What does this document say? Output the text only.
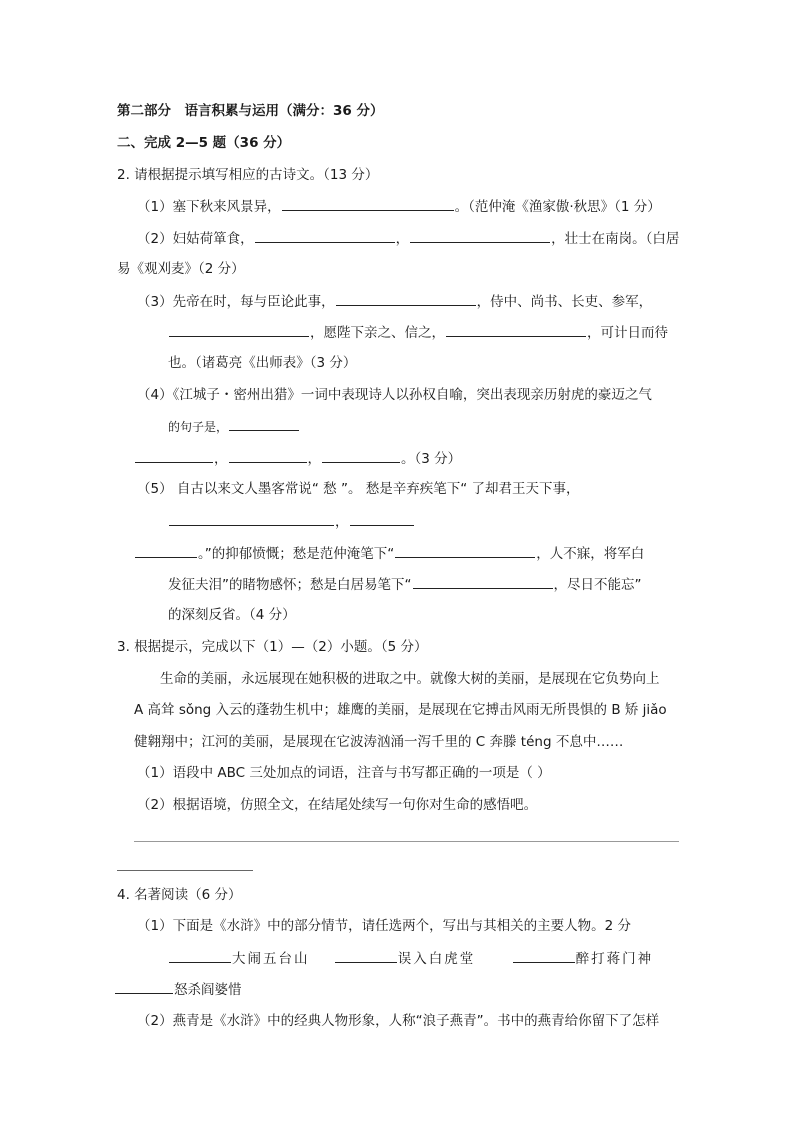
第二部分　语言积累与运用（满分：36 分）
二、完成 2—5 题（36 分）
2. 请根据提示填写相应的古诗文。（13 分）
（1）塞下秋来风景异，	。（范仲淹《渔家傲·秋思》（1 分）
（2）妇姑荷箪食，	，	，壮士在南岗。（白居
易《观刈麦》（2 分）
（3）先帝在时，每与臣论此事，	，侍中、尚书、长吏、参军，
，愿陛下亲之、信之，	，可计日而待
也。（诸葛亮《出师表》（3 分）
（4）《江城子・密州出猎》一词中表现诗人以孙权自喻，突出表现亲历射虎的豪迈之气
的句子是，
，	，	。（3 分）
（5） 自古以来文人墨客常说“ 愁 ”。 愁是辛弃疾笔下“ 了却君王天下事，
，
。”的抑郁愤慨；愁是范仲淹笔下“	，人不寐，将军白
发征夫泪”的睹物感怀；愁是白居易笔下“	，尽日不能忘”
的深刻反省。（4 分）
3. 根据提示，完成以下（1）—（2）小题。（5 分）
生命的美丽，永远展现在她积极的进取之中。就像大树的美丽，是展现在它负势向上
A 高耸 sǒng 入云的蓬勃生机中；雄鹰的美丽，是展现在它搏击风雨无所畏惧的 B 矫 jiǎo
健翱翔中；江河的美丽，是展现在它波涛汹涌一泻千里的 C 奔滕 téng 不息中……
（1）语段中 ABC 三处加点的词语，注音与书写都正确的一项是（ ）
（2）根据语境，仿照全文，在结尾处续写一句你对生命的感悟吧。
4. 名著阅读（6 分）
（1）下面是《水浒》中的部分情节，请任选两个，写出与其相关的主要人物。2 分
大闹五台山	误入白虎堂	醉打蒋门神
怒杀阎婆惜
（2）燕青是《水浒》中的经典人物形象，人称“浪子燕青”。书中的燕青给你留下了怎样
